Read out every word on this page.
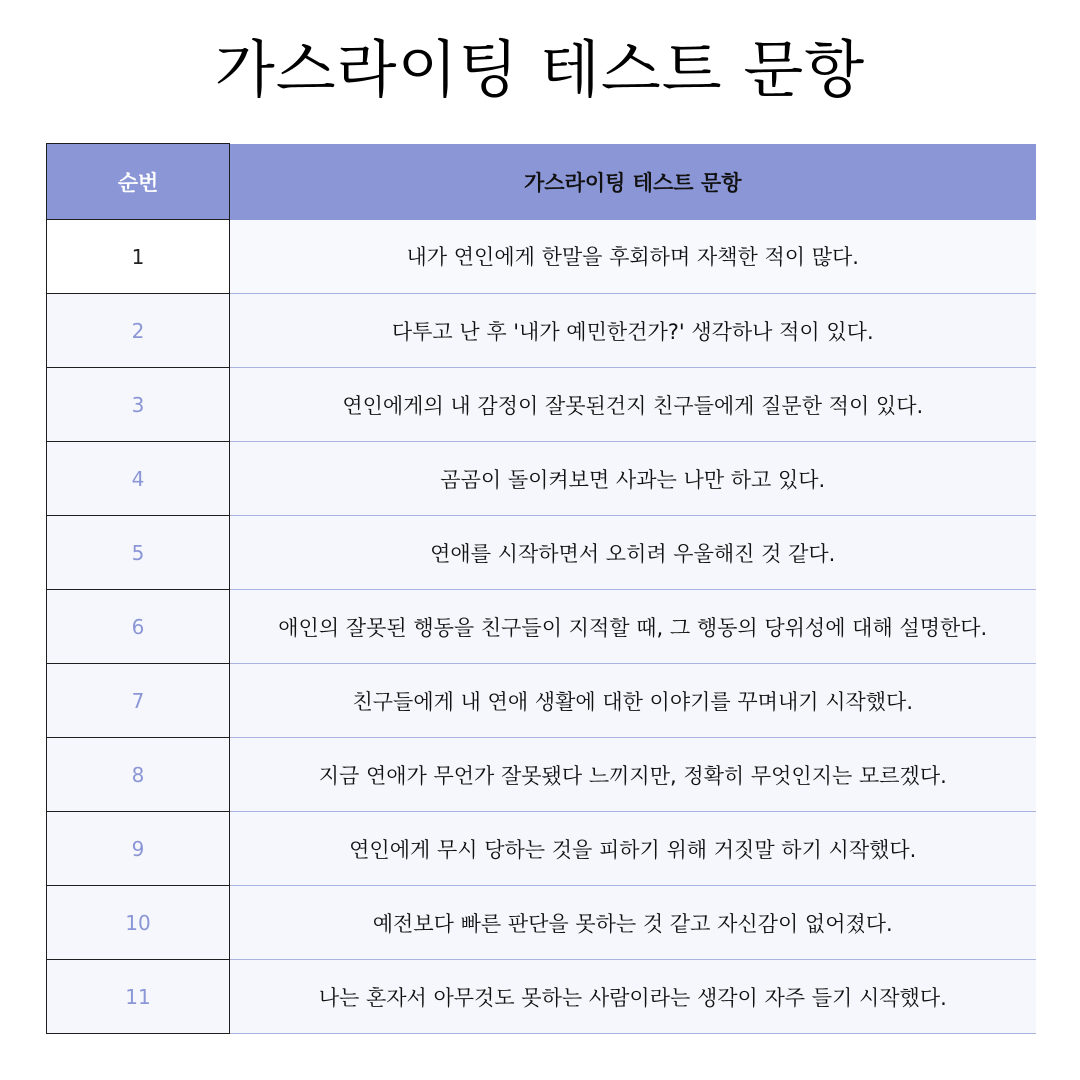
가스라이팅 테스트 문항
순번	가스라이팅 테스트 문항
1	내가 연인에게 한말을 후회하며 자책한 적이 많다.
2	다투고 난 후 '내가 예민한건가?' 생각하나 적이 있다.
3	연인에게의 내 감정이 잘못된건지 친구들에게 질문한 적이 있다.
4	곰곰이 돌이켜보면 사과는 나만 하고 있다.
5	연애를 시작하면서 오히려 우울해진 것 같다.
6	애인의 잘못된 행동을 친구들이 지적할 때, 그 행동의 당위성에 대해 설명한다.
7	친구들에게 내 연애 생활에 대한 이야기를 꾸며내기 시작했다.
8	지금 연애가 무언가 잘못됐다 느끼지만, 정확히 무엇인지는 모르겠다.
9	연인에게 무시 당하는 것을 피하기 위해 거짓말 하기 시작했다.
10	예전보다 빠른 판단을 못하는 것 같고 자신감이 없어졌다.
11	나는 혼자서 아무것도 못하는 사람이라는 생각이 자주 들기 시작했다.
